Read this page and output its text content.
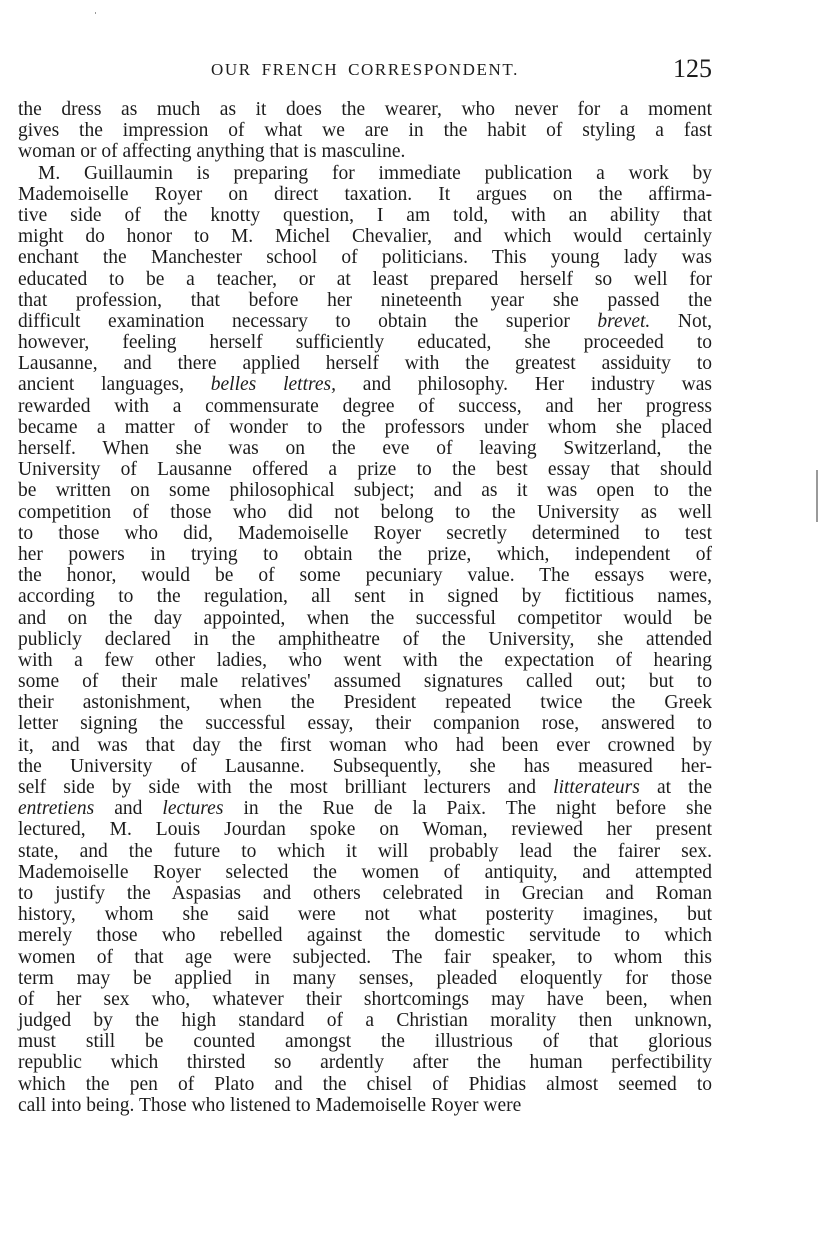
OUR FRENCH CORRESPONDENT.	125
the dress as much as it does the wearer, who never for a moment
gives the impression of what we are in the habit of styling a fast
woman or of affecting anything that is masculine.
M. Guillaumin is preparing for immediate publication a work by
Mademoiselle Royer on direct taxation. It argues on the affirma-
tive side of the knotty question, I am told, with an ability that
might do honor to M. Michel Chevalier, and which would certainly
enchant the Manchester school of politicians. This young lady was
educated to be a teacher, or at least prepared herself so well for
that profession, that before her nineteenth year she passed the
difficult examination necessary to obtain the superior brevet. Not,
however, feeling herself sufficiently educated, she proceeded to
Lausanne, and there applied herself with the greatest assiduity to
ancient languages, belles lettres, and philosophy. Her industry was
rewarded with a commensurate degree of success, and her progress
became a matter of wonder to the professors under whom she placed
herself. When she was on the eve of leaving Switzerland, the
University of Lausanne offered a prize to the best essay that should
be written on some philosophical subject; and as it was open to the
competition of those who did not belong to the University as well
to those who did, Mademoiselle Royer secretly determined to test
her powers in trying to obtain the prize, which, independent of
the honor, would be of some pecuniary value. The essays were,
according to the regulation, all sent in signed by fictitious names,
and on the day appointed, when the successful competitor would be
publicly declared in the amphitheatre of the University, she attended
with a few other ladies, who went with the expectation of hearing
some of their male relatives' assumed signatures called out; but to
their astonishment, when the President repeated twice the Greek
letter signing the successful essay, their companion rose, answered to
it, and was that day the first woman who had been ever crowned by
the University of Lausanne. Subsequently, she has measured her-
self side by side with the most brilliant lecturers and litterateurs at the
entretiens and lectures in the Rue de la Paix. The night before she
lectured, M. Louis Jourdan spoke on Woman, reviewed her present
state, and the future to which it will probably lead the fairer sex.
Mademoiselle Royer selected the women of antiquity, and attempted
to justify the Aspasias and others celebrated in Grecian and Roman
history, whom she said were not what posterity imagines, but
merely those who rebelled against the domestic servitude to which
women of that age were subjected. The fair speaker, to whom this
term may be applied in many senses, pleaded eloquently for those
of her sex who, whatever their shortcomings may have been, when
judged by the high standard of a Christian morality then unknown,
must still be counted amongst the illustrious of that glorious
republic which thirsted so ardently after the human perfectibility
which the pen of Plato and the chisel of Phidias almost seemed to
call into being. Those who listened to Mademoiselle Royer were
